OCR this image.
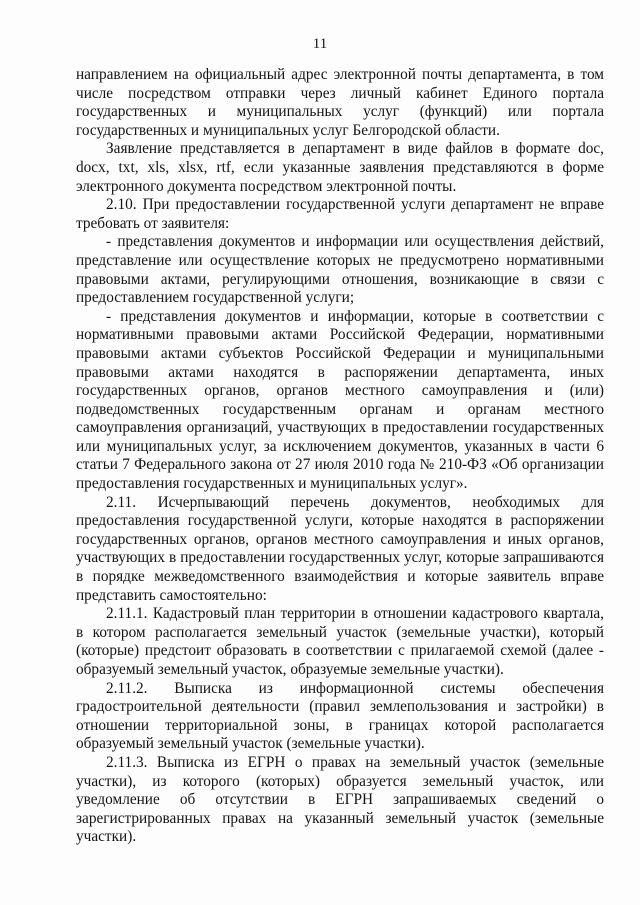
11

направлением на официальный адрес электронной почты департамента, в том числе посредством отправки через личный кабинет Единого портала государственных и муниципальных услуг (функций) или портала государственных и муниципальных услуг Белгородской области.

Заявление представляется в департамент в виде файлов в формате doc, docx, txt, xls, xlsx, rtf, если указанные заявления представляются в форме электронного документа посредством электронной почты.

2.10. При предоставлении государственной услуги департамент не вправе требовать от заявителя:

- представления документов и информации или осуществления действий, представление или осуществление которых не предусмотрено нормативными правовыми актами, регулирующими отношения, возникающие в связи с предоставлением государственной услуги;

- представления документов и информации, которые в соответствии с нормативными правовыми актами Российской Федерации, нормативными правовыми актами субъектов Российской Федерации и муниципальными правовыми актами находятся в распоряжении департамента, иных государственных органов, органов местного самоуправления и (или) подведомственных государственным органам и органам местного самоуправления организаций, участвующих в предоставлении государственных или муниципальных услуг, за исключением документов, указанных в части 6 статьи 7 Федерального закона от 27 июля 2010 года № 210-ФЗ «Об организации предоставления государственных и муниципальных услуг».

2.11. Исчерпывающий перечень документов, необходимых для предоставления государственной услуги, которые находятся в распоряжении государственных органов, органов местного самоуправления и иных органов, участвующих в предоставлении государственных услуг, которые запрашиваются в порядке межведомственного взаимодействия и которые заявитель вправе представить самостоятельно:

2.11.1. Кадастровый план территории в отношении кадастрового квартала, в котором располагается земельный участок (земельные участки), который (которые) предстоит образовать в соответствии с прилагаемой схемой (далее - образуемый земельный участок, образуемые земельные участки).

2.11.2. Выписка из информационной системы обеспечения градостроительной деятельности (правил землепользования и застройки) в отношении территориальной зоны, в границах которой располагается образуемый земельный участок (земельные участки).

2.11.3. Выписка из ЕГРН о правах на земельный участок (земельные участки), из которого (которых) образуется земельный участок, или уведомление об отсутствии в ЕГРН запрашиваемых сведений о зарегистрированных правах на указанный земельный участок (земельные участки).
